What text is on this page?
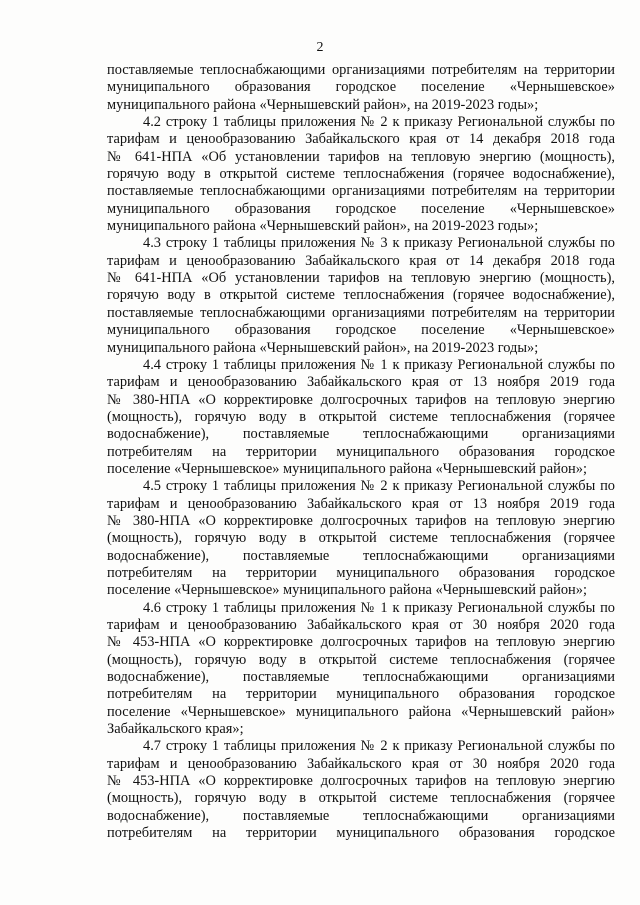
2
поставляемые теплоснабжающими организациями потребителям на территории
муниципального образования городское поселение «Чернышевское»
муниципального района «Чернышевский район», на 2019-2023 годы»;
4.2 строку 1 таблицы приложения № 2 к приказу Региональной службы по
тарифам и ценообразованию Забайкальского края от 14 декабря 2018 года
№ 641-НПА «Об установлении тарифов на тепловую энергию (мощность),
горячую воду в открытой системе теплоснабжения (горячее водоснабжение),
поставляемые теплоснабжающими организациями потребителям на территории
муниципального образования городское поселение «Чернышевское»
муниципального района «Чернышевский район», на 2019-2023 годы»;
4.3 строку 1 таблицы приложения № 3 к приказу Региональной службы по
тарифам и ценообразованию Забайкальского края от 14 декабря 2018 года
№ 641-НПА «Об установлении тарифов на тепловую энергию (мощность),
горячую воду в открытой системе теплоснабжения (горячее водоснабжение),
поставляемые теплоснабжающими организациями потребителям на территории
муниципального образования городское поселение «Чернышевское»
муниципального района «Чернышевский район», на 2019-2023 годы»;
4.4 строку 1 таблицы приложения № 1 к приказу Региональной службы по
тарифам и ценообразованию Забайкальского края от 13 ноября 2019 года
№ 380-НПА «О корректировке долгосрочных тарифов на тепловую энергию
(мощность), горячую воду в открытой системе теплоснабжения (горячее
водоснабжение), поставляемые теплоснабжающими организациями
потребителям на территории муниципального образования городское
поселение «Чернышевское» муниципального района «Чернышевский район»;
4.5 строку 1 таблицы приложения № 2 к приказу Региональной службы по
тарифам и ценообразованию Забайкальского края от 13 ноября 2019 года
№ 380-НПА «О корректировке долгосрочных тарифов на тепловую энергию
(мощность), горячую воду в открытой системе теплоснабжения (горячее
водоснабжение), поставляемые теплоснабжающими организациями
потребителям на территории муниципального образования городское
поселение «Чернышевское» муниципального района «Чернышевский район»;
4.6 строку 1 таблицы приложения № 1 к приказу Региональной службы по
тарифам и ценообразованию Забайкальского края от 30 ноября 2020 года
№ 453-НПА «О корректировке долгосрочных тарифов на тепловую энергию
(мощность), горячую воду в открытой системе теплоснабжения (горячее
водоснабжение), поставляемые теплоснабжающими организациями
потребителям на территории муниципального образования городское
поселение «Чернышевское» муниципального района «Чернышевский район»
Забайкальского края»;
4.7 строку 1 таблицы приложения № 2 к приказу Региональной службы по
тарифам и ценообразованию Забайкальского края от 30 ноября 2020 года
№ 453-НПА «О корректировке долгосрочных тарифов на тепловую энергию
(мощность), горячую воду в открытой системе теплоснабжения (горячее
водоснабжение), поставляемые теплоснабжающими организациями
потребителям на территории муниципального образования городское
